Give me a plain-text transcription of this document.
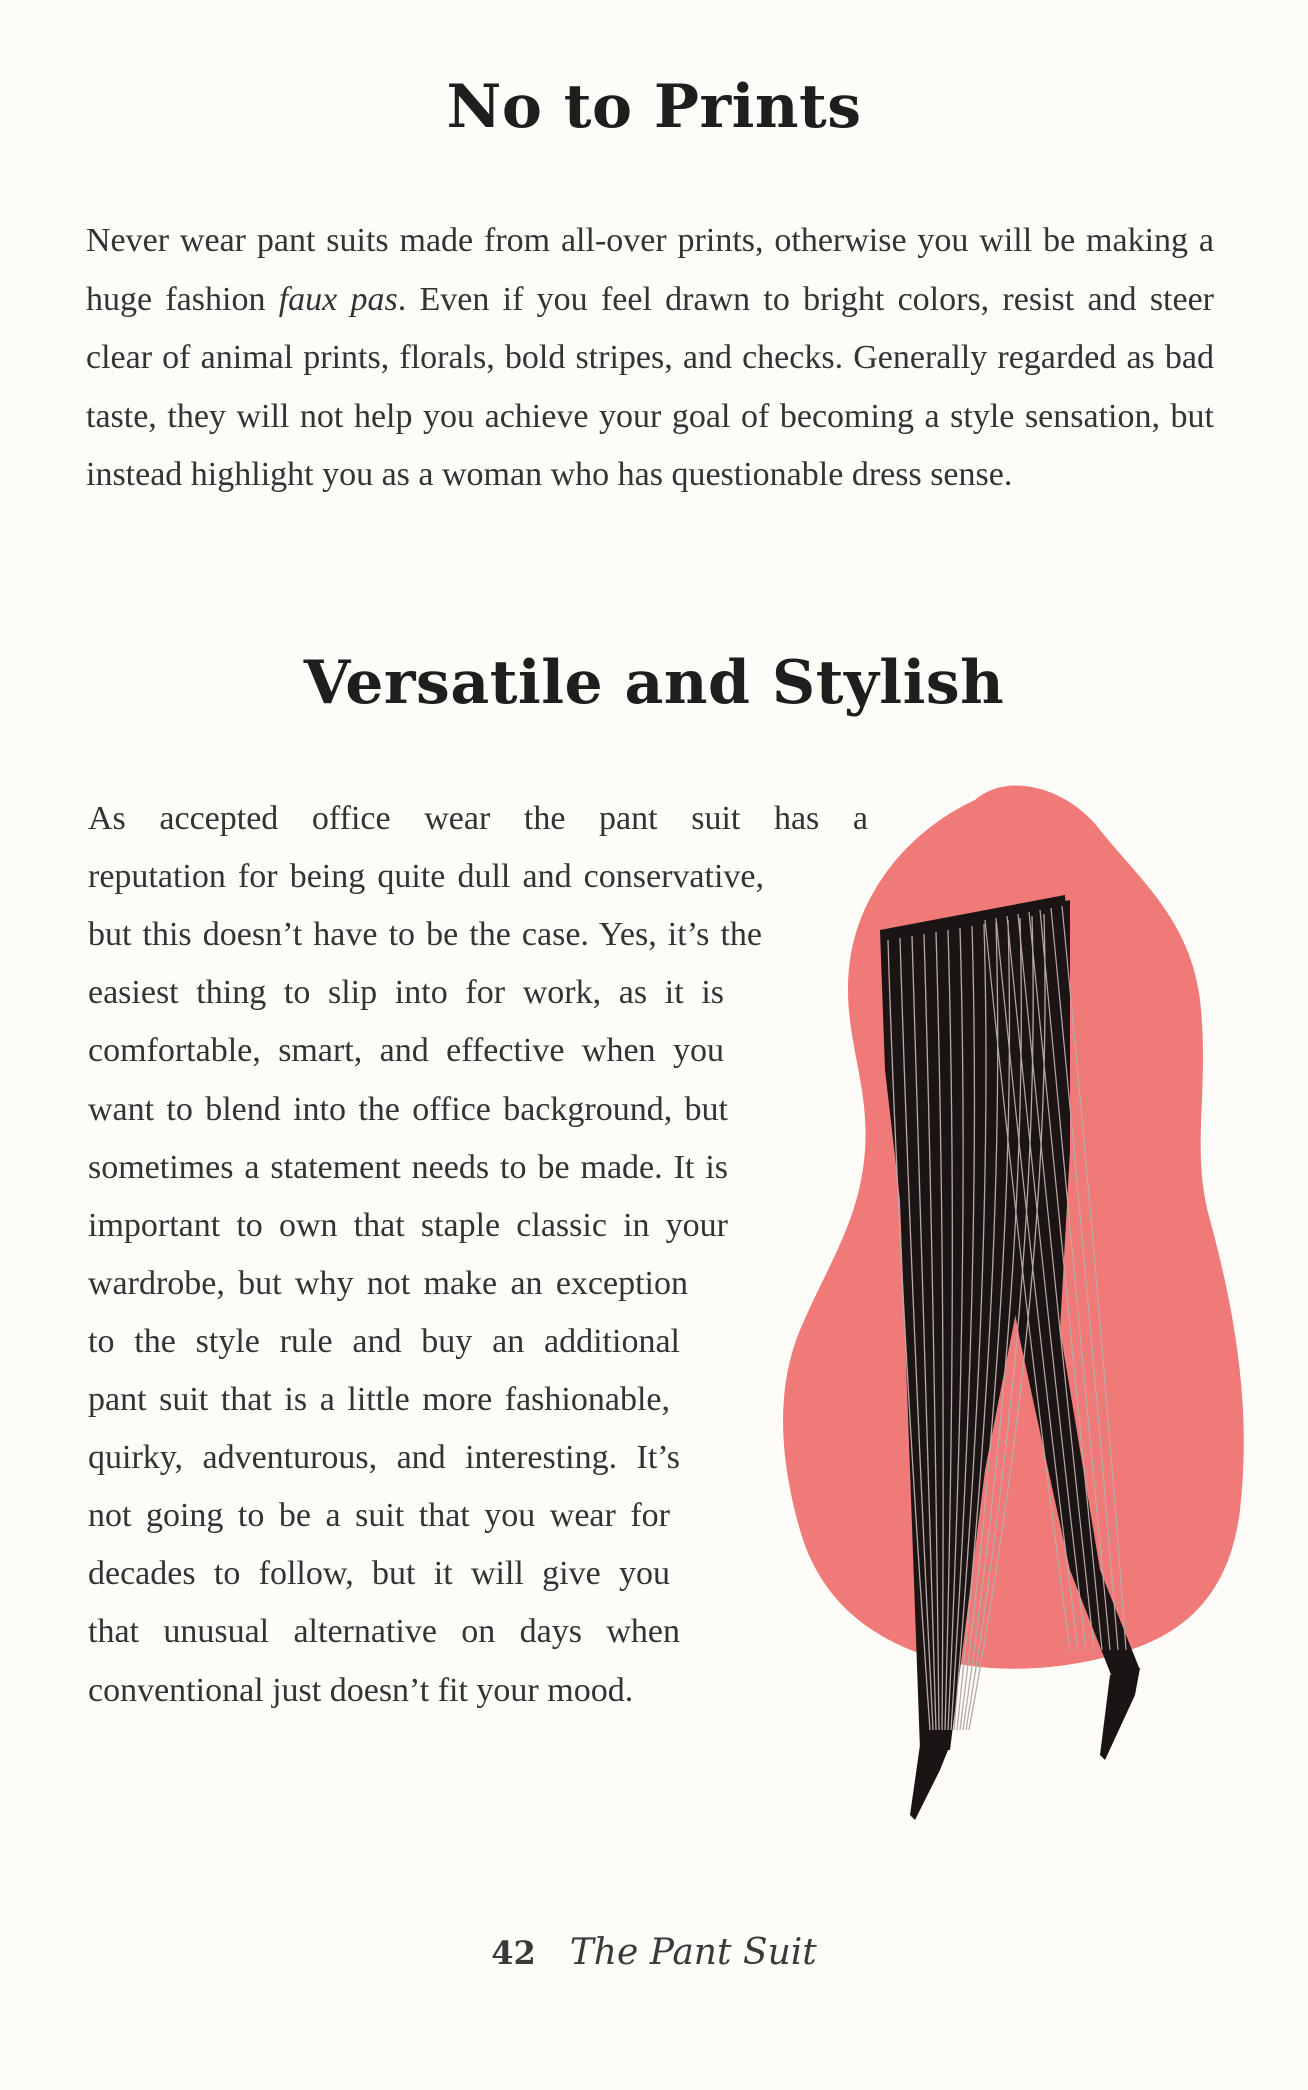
No to Prints

Never wear pant suits made from all-over prints, otherwise you will be making a huge fashion faux pas. Even if you feel drawn to bright colors, resist and steer clear of animal prints, florals, bold stripes, and checks. Generally regarded as bad taste, they will not help you achieve your goal of becoming a style sensation, but instead highlight you as a woman who has questionable dress sense.

Versatile and Stylish
As accepted office wear the pant suit has a
reputation for being quite dull and conservative,
but this doesn’t have to be the case. Yes, it’s the
easiest thing to slip into for work, as it is
comfortable, smart, and effective when you
want to blend into the office background, but
sometimes a statement needs to be made. It is
important to own that staple classic in your
wardrobe, but why not make an exception
to the style rule and buy an additional
pant suit that is a little more fashionable,
quirky, adventurous, and interesting. It’s
not going to be a suit that you wear for
decades to follow, but it will give you
that unusual alternative on days when
conventional just doesn’t fit your mood.
42 The Pant Suit
